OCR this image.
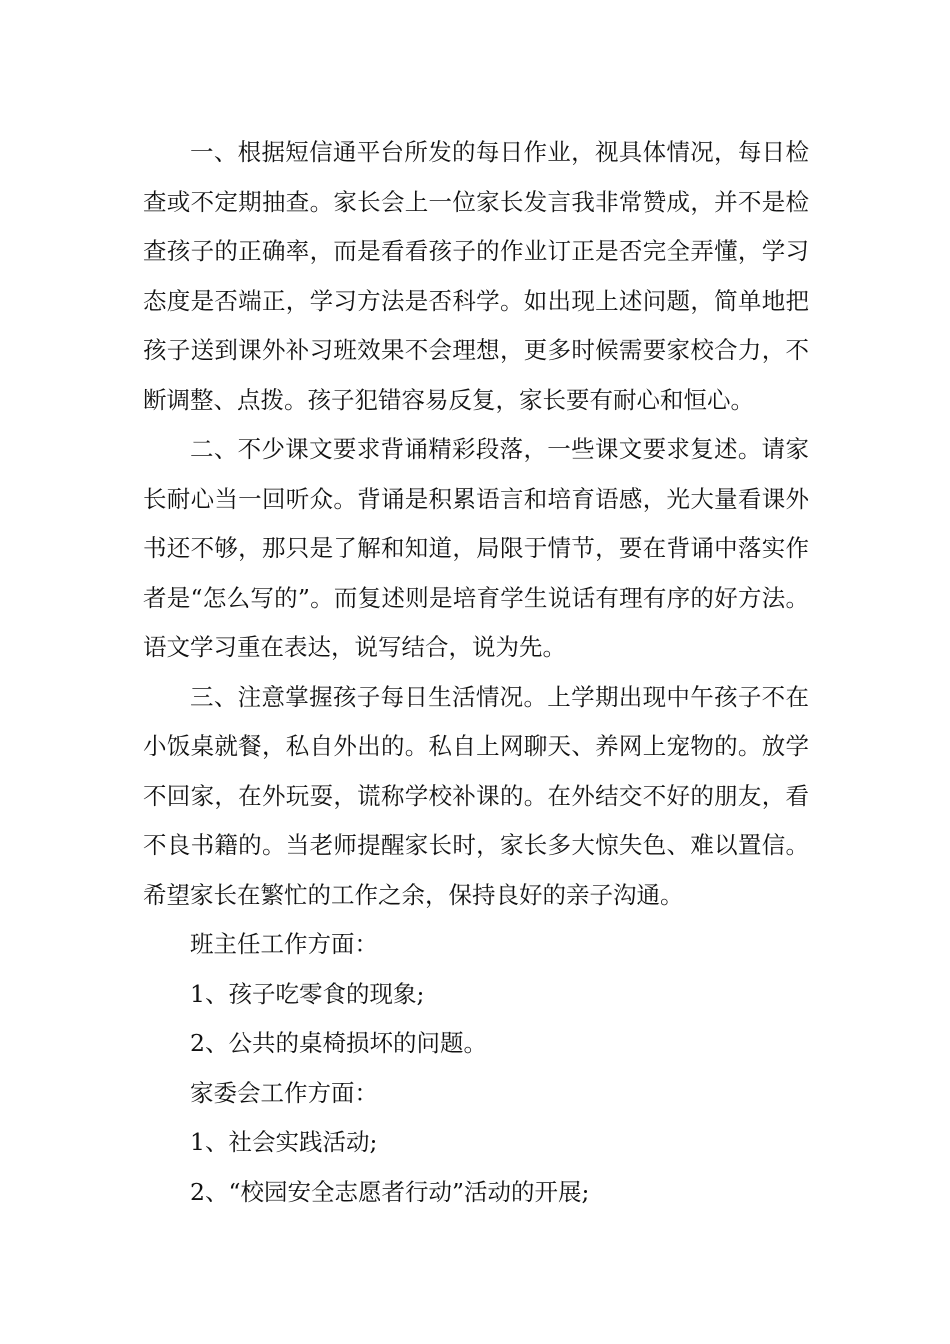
一、根据短信通平台所发的每日作业，视具体情况，每日检查或不定期抽查。家长会上一位家长发言我非常赞成，并不是检查孩子的正确率，而是看看孩子的作业订正是否完全弄懂，学习态度是否端正，学习方法是否科学。如出现上述问题，简单地把孩子送到课外补习班效果不会理想，更多时候需要家校合力，不断调整、点拨。孩子犯错容易反复，家长要有耐心和恒心。

二、不少课文要求背诵精彩段落，一些课文要求复述。请家长耐心当一回听众。背诵是积累语言和培育语感，光大量看课外书还不够，那只是了解和知道，局限于情节，要在背诵中落实作者是“怎么写的”。而复述则是培育学生说话有理有序的好方法。语文学习重在表达，说写结合，说为先。

三、注意掌握孩子每日生活情况。上学期出现中午孩子不在小饭桌就餐，私自外出的。私自上网聊天、养网上宠物的。放学不回家，在外玩耍，谎称学校补课的。在外结交不好的朋友，看不良书籍的。当老师提醒家长时，家长多大惊失色、难以置信。希望家长在繁忙的工作之余，保持良好的亲子沟通。

班主任工作方面：

1、孩子吃零食的现象;

2、公共的桌椅损坏的问题。

家委会工作方面：

1、社会实践活动;

2、“校园安全志愿者行动”活动的开展;
